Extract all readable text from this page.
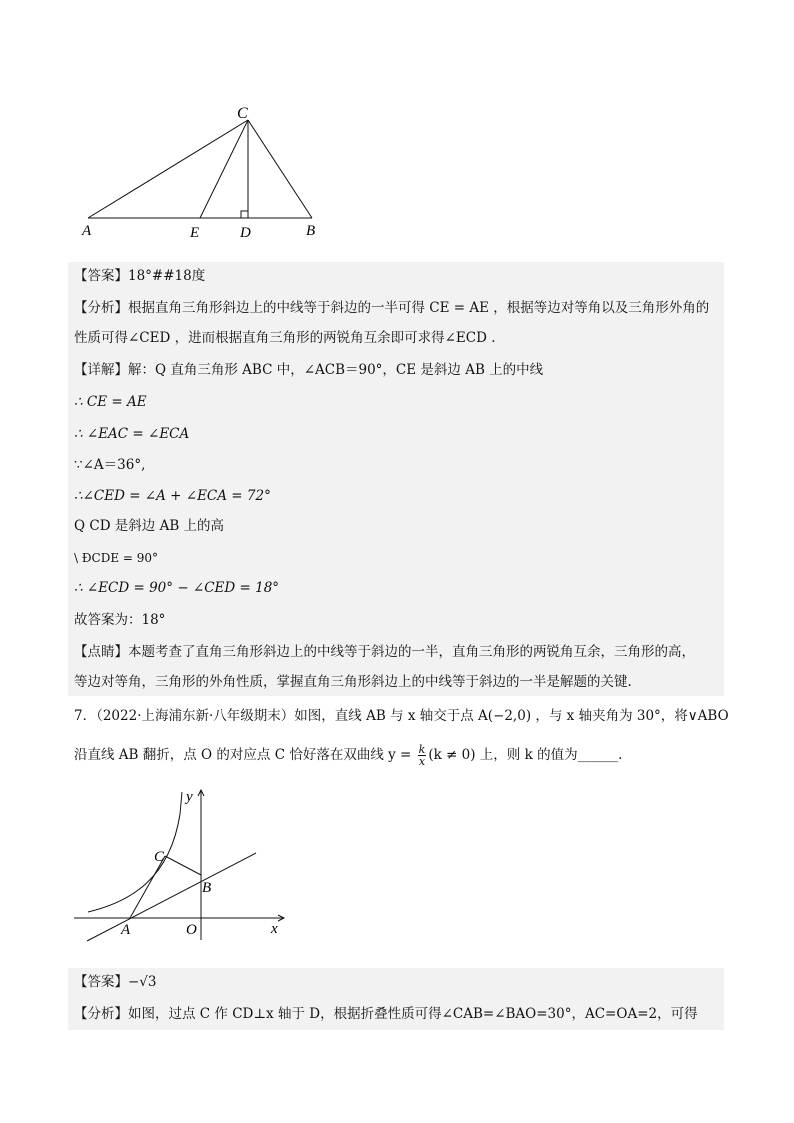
C
A	E	D	B
【答案】18°##18度
【分析】根据直角三角形斜边上的中线等于斜边的一半可得 CE = AE ，根据等边对等角以及三角形外角的
性质可得∠CED ，进而根据直角三角形的两锐角互余即可求得∠ECD .
【详解】解：Q 直角三角形 ABC 中，∠ACB＝90°，CE 是斜边 AB 上的中线
∴ CE = AE
∴ ∠EAC = ∠ECA
∵∠A＝36°,
∴∠CED = ∠A + ∠ECA = 72°
Q CD 是斜边 AB 上的高
\ ÐCDE = 90°
∴ ∠ECD = 90° − ∠CED = 18°
故答案为：18°
【点睛】本题考查了直角三角形斜边上的中线等于斜边的一半，直角三角形的两锐角互余，三角形的高，
等边对等角，三角形的外角性质，掌握直角三角形斜边上的中线等于斜边的一半是解题的关键.
7．（2022·上海浦东新·八年级期末）如图，直线 AB 与 x 轴交于点 A(−2,0) ，与 x 轴夹角为 30°，将∨ABO
沿直线 AB 翻折，点 O 的对应点 C 恰好落在双曲线 $y = \frac{k}{x} (k \ne 0)$ 上，则 k 的值为______.
y
x
C
B
A	O
【答案】−√3
【分析】如图，过点 C 作 CD⊥x 轴于 D，根据折叠性质可得∠CAB=∠BAO=30°，AC=OA=2，可得
